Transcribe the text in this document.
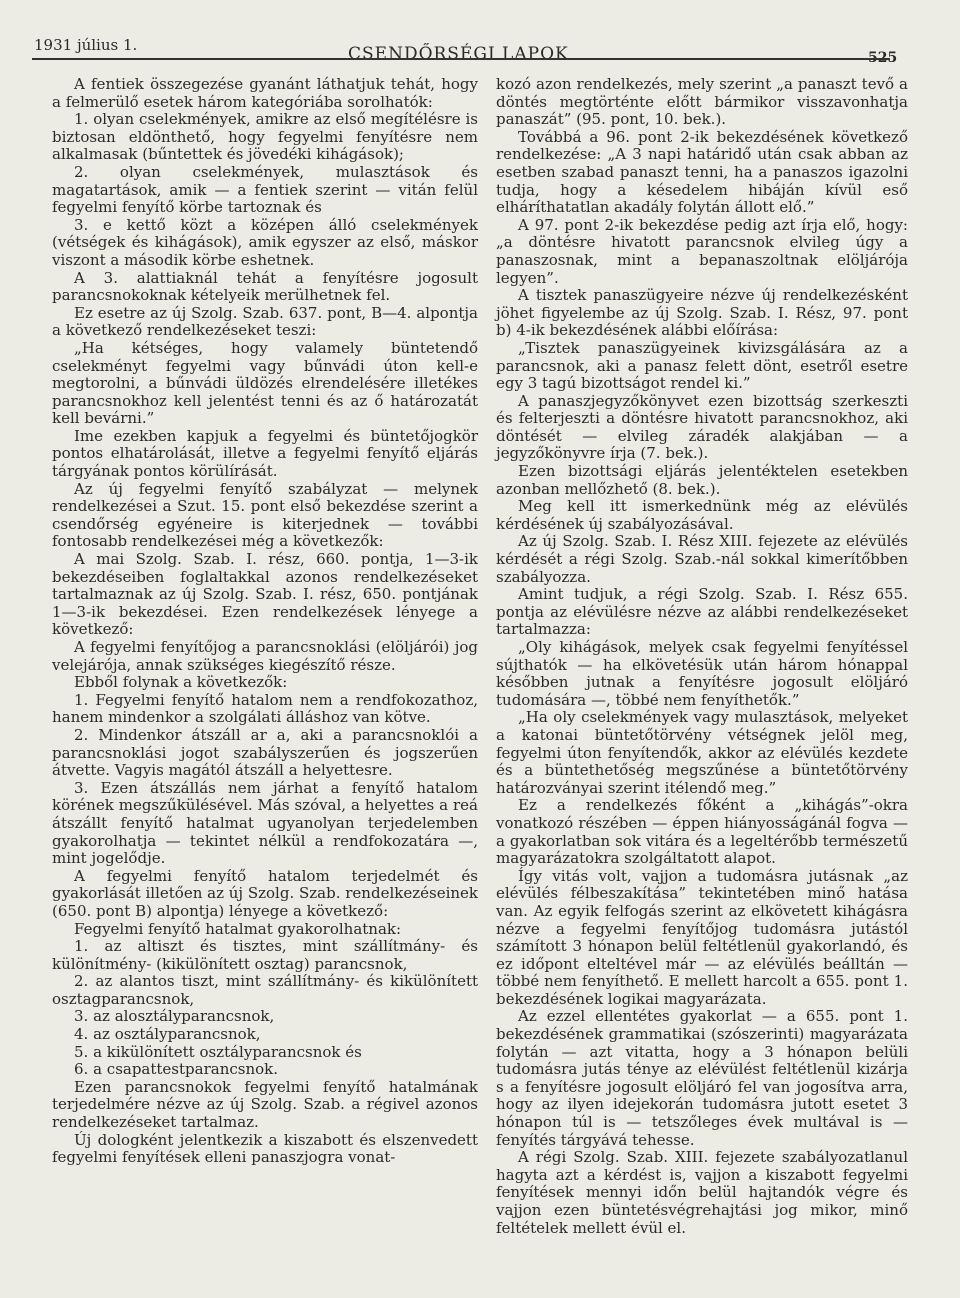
1931 július 1.	CSENDŐRSÉGI LAPOK	525

A fentiek összegezése gyanánt láthatjuk tehát, hogy a felmerülő esetek három kategóriába sorolhatók:

1. olyan cselekmények, amikre az első megítélésre is biztosan eldönthető, hogy fegyelmi fenyítésre nem alkalmasak (bűntettek és jövedéki kihágások);

2. olyan cselekmények, mulasztások és magatartások, amik — a fentiek szerint — vitán felül fegyelmi fenyítő körbe tartoznak és

3. e kettő közt a középen álló cselekmények (vétségek és kihágások), amik egyszer az első, máskor viszont a második körbe eshetnek.

A 3. alattiaknál tehát a fenyítésre jogosult parancsnokoknak kételyeik merülhetnek fel.

Ez esetre az új Szolg. Szab. 637. pont, B—4. alpontja a következő rendelkezéseket teszi:

„Ha kétséges, hogy valamely büntetendő cselekményt fegyelmi vagy bűnvádi úton kell-e megtorolni, a bűnvádi üldözés elrendelésére illetékes parancsnokhoz kell jelentést tenni és az ő határozatát kell bevárni.”

Ime ezekben kapjuk a fegyelmi és büntetőjogkör pontos elhatárolását, illetve a fegyelmi fenyítő eljárás tárgyának pontos körülírását.

Az új fegyelmi fenyítő szabályzat — melynek rendelkezései a Szut. 15. pont első bekezdése szerint a csendőrség egyéneire is kiterjednek — további fontosabb rendelkezései még a következők:

A mai Szolg. Szab. I. rész, 660. pontja, 1—3-ik bekezdéseiben foglaltakkal azonos rendelkezéseket tartalmaznak az új Szolg. Szab. I. rész, 650. pontjának 1—3-ik bekezdései. Ezen rendelkezések lényege a következő:

A fegyelmi fenyítőjog a parancsnoklási (elöljárói) jog velejárója, annak szükséges kiegészítő része.

Ebből folynak a következők:

1. Fegyelmi fenyítő hatalom nem a rendfokozathoz, hanem mindenkor a szolgálati álláshoz van kötve.

2. Mindenkor átszáll ar a, aki a parancsnoklói a parancsnoklási jogot szabályszerűen és jogszerűen átvette. Vagyis magától átszáll a helyettesre.

3. Ezen átszállás nem járhat a fenyítő hatalom körének megszűkülésével. Más szóval, a helyettes a reá átszállt fenyítő hatalmat ugyanolyan terjedelemben gyakorolhatja — tekintet nélkül a rendfokozatára —, mint jogelődje.

A fegyelmi fenyítő hatalom terjedelmét és gyakorlását illetően az új Szolg. Szab. rendelkezéseinek (650. pont B) alpontja) lényege a következő:

Fegyelmi fenyítő hatalmat gyakorolhatnak:

1. az altiszt és tisztes, mint szállítmány- és különítmény- (kikülönített osztag) parancsnok,

2. az alantos tiszt, mint szállítmány- és kikülönített osztagparancsnok,

3. az alosztályparancsnok,

4. az osztályparancsnok,

5. a kikülönített osztályparancsnok és

6. a csapattestparancsnok.

Ezen parancsnokok fegyelmi fenyítő hatalmának terjedelmére nézve az új Szolg. Szab. a régivel azonos rendelkezéseket tartalmaz.

Új dologként jelentkezik a kiszabott és elszenvedett fegyelmi fenyítések elleni panaszjogra vonat-

kozó azon rendelkezés, mely szerint „a panaszt tevő a döntés megtörténte előtt bármikor visszavonhatja panaszát” (95. pont, 10. bek.).

Továbbá a 96. pont 2-ik bekezdésének következő rendelkezése: „A 3 napi határidő után csak abban az esetben szabad panaszt tenni, ha a panaszos igazolni tudja, hogy a késedelem hibáján kívül eső elháríthatatlan akadály folytán állott elő.”

A 97. pont 2-ik bekezdése pedig azt írja elő, hogy: „a döntésre hivatott parancsnok elvileg úgy a panaszosnak, mint a bepanaszoltnak elöljárója legyen”.

A tisztek panaszügyeire nézve új rendelkezésként jöhet figyelembe az új Szolg. Szab. I. Rész, 97. pont b) 4-ik bekezdésének alábbi előírása:

„Tisztek panaszügyeinek kivizsgálására az a parancsnok, aki a panasz felett dönt, esetről esetre egy 3 tagú bizottságot rendel ki.”

A panaszjegyzőkönyvet ezen bizottság szerkeszti és felterjeszti a döntésre hivatott parancsnokhoz, aki döntését — elvileg záradék alakjában — a jegyzőkönyvre írja (7. bek.).

Ezen bizottsági eljárás jelentéktelen esetekben azonban mellőzhető (8. bek.).

Meg kell itt ismerkednünk még az elévülés kérdésének új szabályozásával.

Az új Szolg. Szab. I. Rész XIII. fejezete az elévülés kérdését a régi Szolg. Szab.-nál sokkal kimerítőbben szabályozza.

Amint tudjuk, a régi Szolg. Szab. I. Rész 655. pontja az elévülésre nézve az alábbi rendelkezéseket tartalmazza:

„Oly kihágások, melyek csak fegyelmi fenyítéssel sújthatók — ha elkövetésük után három hónappal későbben jutnak a fenyítésre jogosult elöljáró tudomására —, többé nem fenyíthetők.”

„Ha oly cselekmények vagy mulasztások, melyeket a katonai büntetőtörvény vétségnek jelöl meg, fegyelmi úton fenyítendők, akkor az elévülés kezdete és a büntethetőség megszűnése a büntetőtörvény határozványai szerint itélendő meg.”

Ez a rendelkezés főként a „kihágás”-okra vonatkozó részében — éppen hiányosságánál fogva — a gyakorlatban sok vitára és a legeltérőbb természetű magyarázatokra szolgáltatott alapot.

Így vitás volt, vajjon a tudomásra jutásnak „az elévülés félbeszakítása” tekintetében minő hatása van. Az egyik felfogás szerint az elkövetett kihágásra nézve a fegyelmi fenyítőjog tudomásra jutástól számított 3 hónapon belül feltétlenül gyakorlandó, és ez időpont elteltével már — az elévülés beálltán — többé nem fenyíthető. E mellett harcolt a 655. pont 1. bekezdésének logikai magyarázata.

Az ezzel ellentétes gyakorlat — a 655. pont 1. bekezdésének grammatikai (szószerinti) magyarázata folytán — azt vitatta, hogy a 3 hónapon belüli tudomásra jutás ténye az elévülést feltétlenül kizárja s a fenyítésre jogosult elöljáró fel van jogosítva arra, hogy az ilyen idejekorán tudomásra jutott esetet 3 hónapon túl is — tetszőleges évek multával is — fenyítés tárgyává tehesse.

A régi Szolg. Szab. XIII. fejezete szabályozatlanul hagyta azt a kérdést is, vajjon a kiszabott fegyelmi fenyítések mennyi időn belül hajtandók végre és vajjon ezen büntetésvégrehajtási jog mikor, minő feltételek mellett évül el.
